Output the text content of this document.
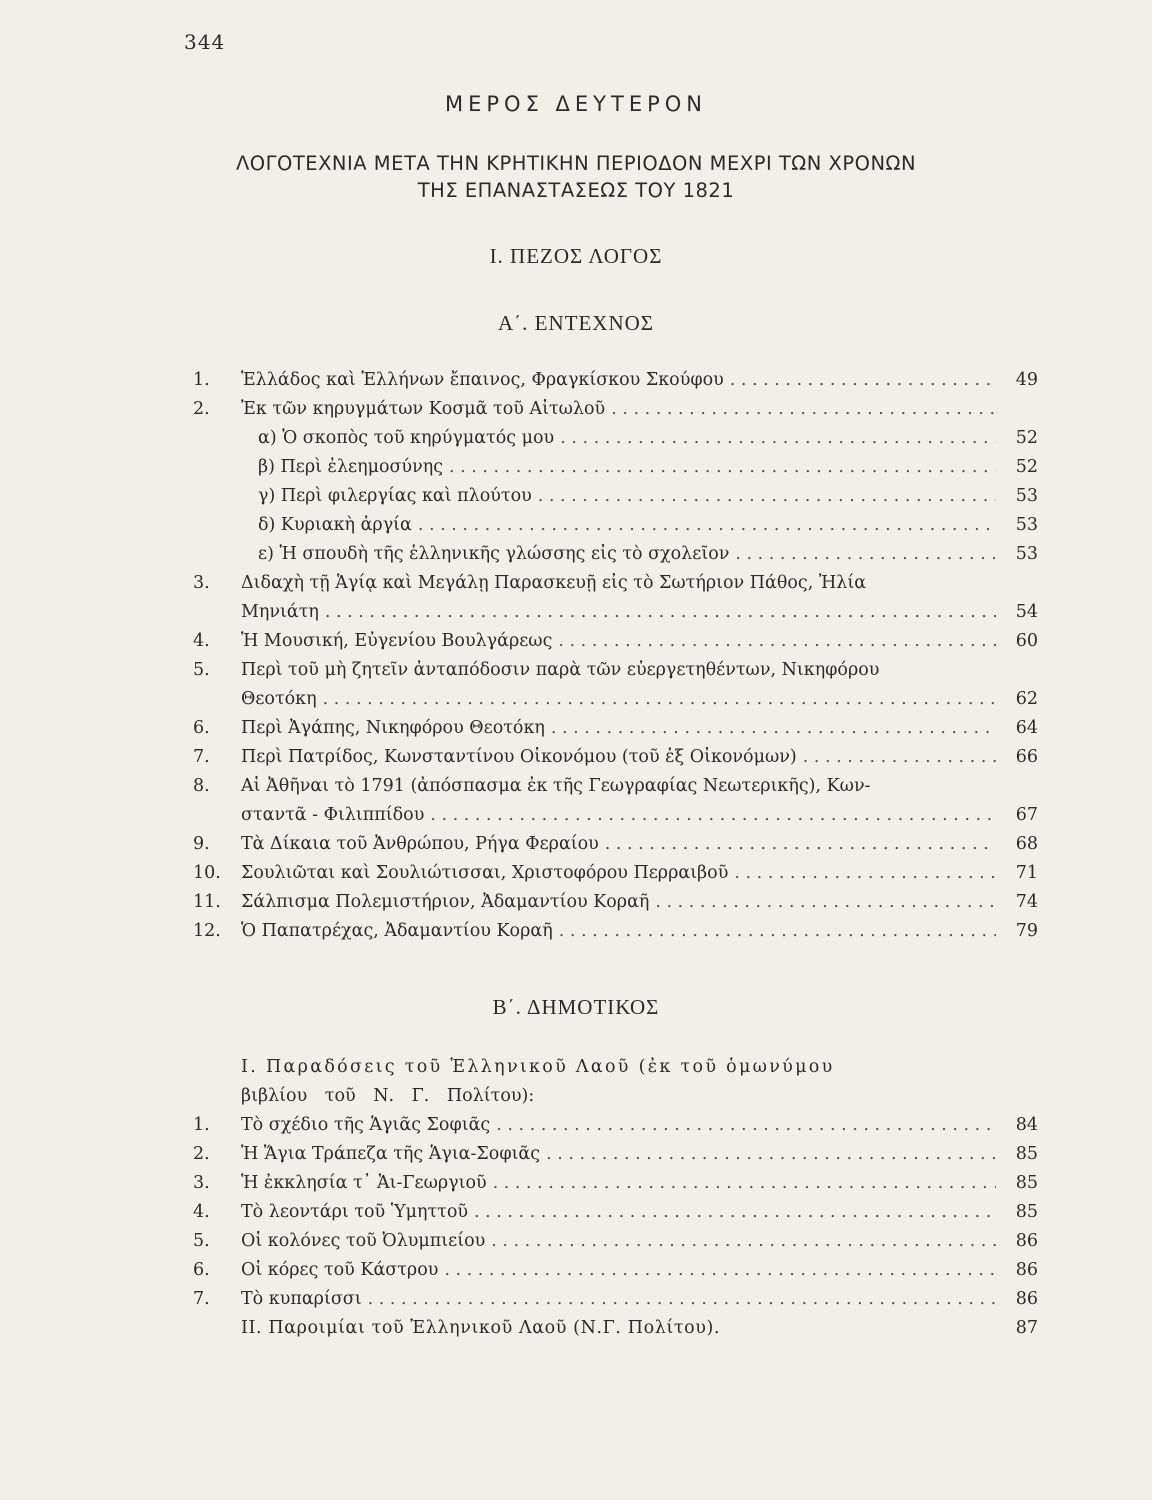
344
ΜΕΡΟΣ ΔΕΥΤΕΡΟΝ
ΛΟΓΟΤΕΧΝΙΑ ΜΕΤΑ ΤΗΝ ΚΡΗΤΙΚΗΝ ΠΕΡΙΟΔΟΝ ΜΕΧΡΙ ΤΩΝ ΧΡΟΝΩΝ
ΤΗΣ ΕΠΑΝΑΣΤΑΣΕΩΣ ΤΟΥ 1821
Ι. ΠΕΖΟΣ ΛΟΓΟΣ
Α΄. ΕΝΤΕΧΝΟΣ
1.	Ἑλλάδος καὶ Ἑλλήνων ἔπαινος, Φραγκίσκου Σκούφου . . .	49
2.	Ἐκ τῶν κηρυγμάτων Κοσμᾶ τοῦ Αἰτωλοῦ
. . .
α) Ὁ σκοπὸς τοῦ κηρύγματός μου . . .	52
β) Περὶ ἐλεημοσύνης . . .	52
γ) Περὶ φιλεργίας καὶ πλούτου . . .	53
δ) Κυριακὴ ἀργία . . .	53
ε) Ἡ σπουδὴ τῆς ἑλληνικῆς γλώσσης εἰς τὸ σχολεῖον . . .	53
3.	Διδαχὴ τῇ Ἁγίᾳ καὶ Μεγάλῃ Παρασκευῇ εἰς τὸ Σωτήριον Πάθος, Ἠλία
Μηνιάτη . . .	54
4.	Ἡ Μουσική, Εὐγενίου Βουλγάρεως . . .	60
5.	Περὶ τοῦ μὴ ζητεῖν ἀνταπόδοσιν παρὰ τῶν εὐεργετηθέντων, Νικηφόρου
Θεοτόκη . . .	62
6.	Περὶ Ἀγάπης, Νικηφόρου Θεοτόκη . . .	64
7.	Περὶ Πατρίδος, Κωνσταντίνου Οἰκονόμου (τοῦ ἐξ Οἰκονόμων) . . .	66
8.	Αἱ Ἀθῆναι τὸ 1791 (ἀπόσπασμα ἐκ τῆς Γεωγραφίας Νεωτερικῆς), Κων-
σταντᾶ - Φιλιππίδου . . .	67
9.	Τὰ Δίκαια τοῦ Ἀνθρώπου, Ρήγα Φεραίου . . .	68
10.	Σουλιῶται καὶ Σουλιώτισσαι, Χριστοφόρου Περραιβοῦ . . .	71
11.	Σάλπισμα Πολεμιστήριον, Ἀδαμαντίου Κοραῆ . . .	74
12.	Ὁ Παπατρέχας, Ἀδαμαντίου Κοραῆ . . .	79
Β΄. ΔΗΜΟΤΙΚΟΣ
Ι. Παραδόσεις τοῦ Ἑλληνικοῦ Λαοῦ (ἐκ τοῦ ὁμωνύμου
βιβλίου τοῦ Ν. Γ. Πολίτου):
1.	Τὸ σχέδιο τῆς Ἁγιᾶς Σοφιᾶς . . .	84
2.	Ἡ Ἅγια Τράπεζα τῆς Ἁγια-Σοφιᾶς . . .	85
3.	Ἡ ἐκκλησία τ᾿ Ἁι-Γεωργιοῦ . . .	85
4.	Τὸ λεοντάρι τοῦ Ὑμηττοῦ . . .	85
5.	Οἱ κολόνες τοῦ Ὀλυμπιείου . . .	86
6.	Οἱ κόρες τοῦ Κάστρου . . .	86
7.	Τὸ κυπαρίσσι . . .	86
ΙΙ. Παροιμίαι τοῦ Ἑλληνικοῦ Λαοῦ (Ν.Γ. Πολίτου).	87
